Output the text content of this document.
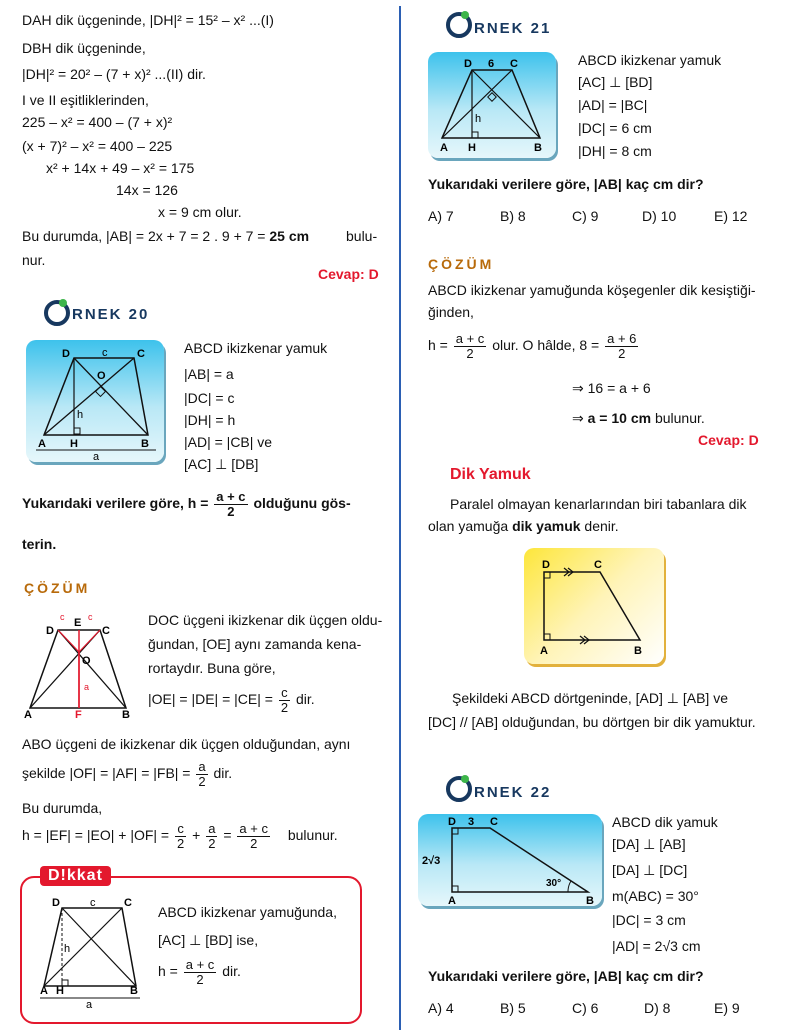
DAH dik üçgeninde, |DH|² = 15² – x² ...(I)
DBH dik üçgeninde,
|DH|² = 20² – (7 + x)² ...(II) dir.
I ve II eşitliklerinden,
225 – x² = 400 – (7 + x)²
(x + 7)² – x² = 400 – 225
x² + 14x + 49 – x² = 175
14x = 126
x = 9 cm olur.
Bu durumda, |AB| = 2x + 7 = 2 . 9 + 7 = 25 cm	bulu-
nur.
Cevap: D
RNEK 20
D	c	C
O
h
A H	B
a
ABCD ikizkenar yamuk
|AB| = a
|DC| = c
|DH| = h
|AD| = |CB| ve
[AC] ⊥ [DB]
Yukarıdaki verilere göre, $h = \frac{a + c}{2}$ olduğunu gös-
terin.
ÇÖZÜM
D
E
C
O
A	F	B
c	c
a
DOC üçgeni ikizkenar dik üçgen oldu-
ğundan, [OE] aynı zamanda kena-
rortaydır. Buna göre,
$|OE| = |DE| = |CE| = \frac{c}{2}$ dir.
ABO üçgeni de ikizkenar dik üçgen olduğundan, aynı
şekilde $|OF| = |AF| = |FB| = \frac{a}{2}$ dir.
Bu durumda,
$h = |EF| = |EO| + |OF| = \frac{c}{2} + \frac{a}{2} = \frac{a + c}{2}$ bulunur.
D!kkat
D	c	C
h
A H	B
a
ABCD ikizkenar yamuğunda,
[AC] ⊥ [BD] ise,
$h = \frac{a + c}{2}$ dir.
RNEK 21
D 6 C
h
A H	B
ABCD ikizkenar yamuk
[AC] ⊥ [BD]
|AD| = |BC|
|DC| = 6 cm
|DH| = 8 cm
Yukarıdaki verilere göre, |AB| kaç cm dir?
A) 7	B) 8	C) 9	D) 10	E) 12
ÇÖZÜM
ABCD ikizkenar yamuğunda köşegenler dik kesiştiği-
ğinden,
$h = \frac{a + c}{2}$ olur. O hâlde, $8 = \frac{a + 6}{2}$
⇒ 16 = a + 6
⇒ a = 10 cm bulunur.
Cevap: D
Dik Yamuk
Paralel olmayan kenarlarından biri tabanlara dik
olan yamuğa dik yamuk denir.
D	C
A	B
Şekildeki ABCD dörtgeninde, [AD] ⊥ [AB] ve
[DC] // [AB] olduğundan, bu dörtgen bir dik yamuktur.
RNEK 22
D 3 C
2√3
30°
A	B
ABCD dik yamuk
[DA] ⊥ [AB]
[DA] ⊥ [DC]
m(ABC) = 30°
|DC| = 3 cm
|AD| = 2√3 cm
Yukarıdaki verilere göre, |AB| kaç cm dir?
A) 4	B) 5	C) 6	D) 8	E) 9
